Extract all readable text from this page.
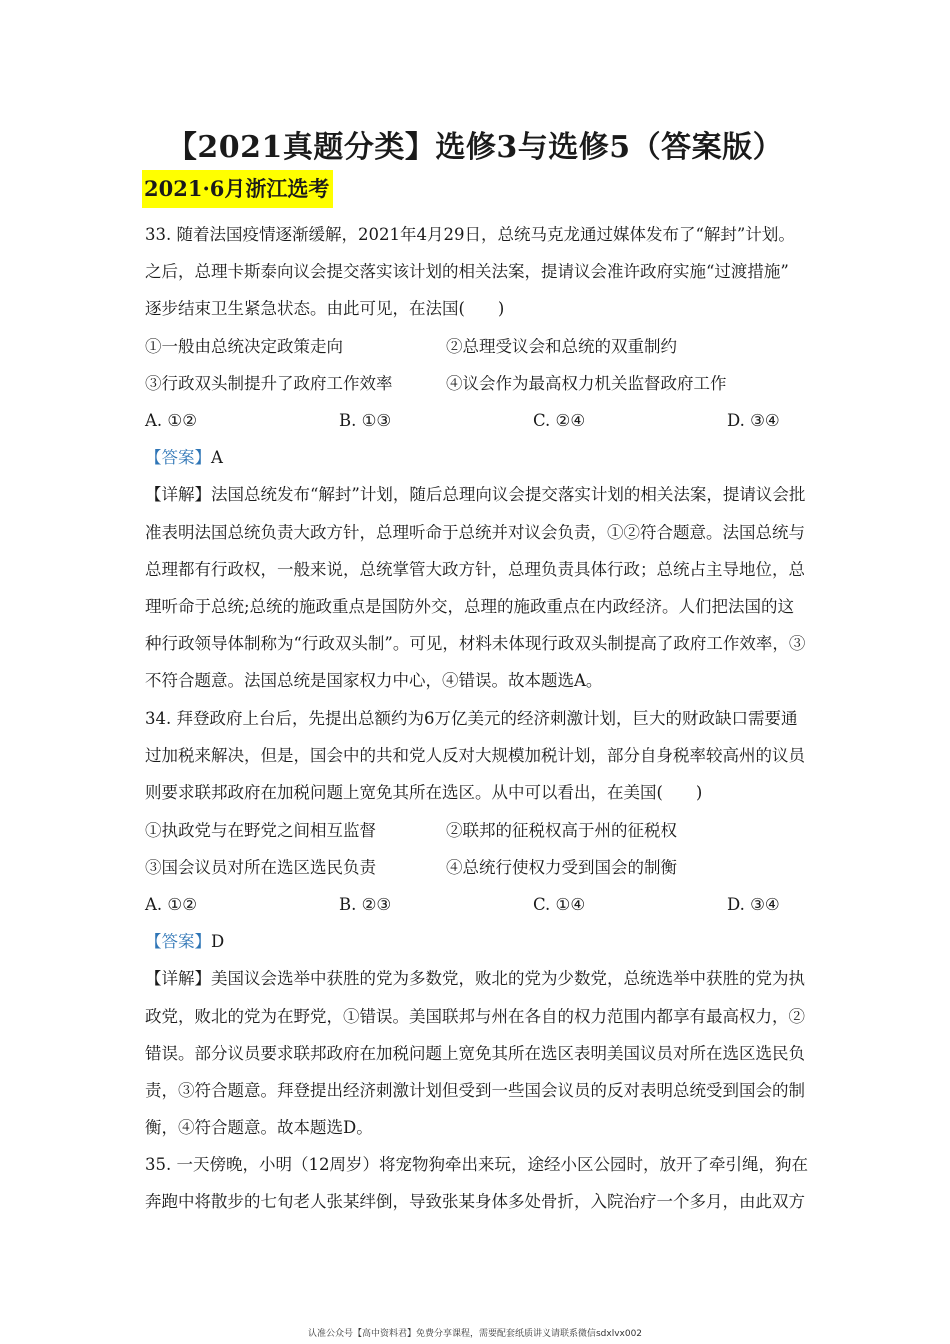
【2021真题分类】选修3与选修5（答案版）
2021·6月浙江选考
33. 随着法国疫情逐渐缓解，2021年4月29日，总统马克龙通过媒体发布了“解封”计划。
之后，总理卡斯泰向议会提交落实该计划的相关法案，提请议会准许政府实施“过渡措施”
逐步结束卫生紧急状态。由此可见，在法国(　　)
①一般由总统决定政策走向	②总理受议会和总统的双重制约
③行政双头制提升了政府工作效率	④议会作为最高权力机关监督政府工作
A. ①②	B. ①③	C. ②④	D. ③④
【答案】A
【详解】法国总统发布“解封”计划，随后总理向议会提交落实计划的相关法案，提请议会批
准表明法国总统负责大政方针，总理听命于总统并对议会负责，①②符合题意。法国总统与
总理都有行政权，一般来说，总统掌管大政方针，总理负责具体行政；总统占主导地位，总
理听命于总统;总统的施政重点是国防外交，总理的施政重点在内政经济。人们把法国的这
种行政领导体制称为“行政双头制”。可见，材料未体现行政双头制提高了政府工作效率，③
不符合题意。法国总统是国家权力中心，④错误。故本题选A。
34. 拜登政府上台后，先提出总额约为6万亿美元的经济刺激计划，巨大的财政缺口需要通
过加税来解决，但是，国会中的共和党人反对大规模加税计划，部分自身税率较高州的议员
则要求联邦政府在加税问题上宽免其所在选区。从中可以看出，在美国(　　)
①执政党与在野党之间相互监督	②联邦的征税权高于州的征税权
③国会议员对所在选区选民负责	④总统行使权力受到国会的制衡
A. ①②	B. ②③	C. ①④	D. ③④
【答案】D
【详解】美国议会选举中获胜的党为多数党，败北的党为少数党，总统选举中获胜的党为执
政党，败北的党为在野党，①错误。美国联邦与州在各自的权力范围内都享有最高权力，②
错误。部分议员要求联邦政府在加税问题上宽免其所在选区表明美国议员对所在选区选民负
责，③符合题意。拜登提出经济刺激计划但受到一些国会议员的反对表明总统受到国会的制
衡，④符合题意。故本题选D。
35. 一天傍晚，小明（12周岁）将宠物狗牵出来玩，途经小区公园时，放开了牵引绳，狗在
奔跑中将散步的七旬老人张某绊倒，导致张某身体多处骨折，入院治疗一个多月，由此双方
认准公众号【高中资料君】免费分享课程，需要配套纸质讲义请联系微信sdxlvx002
